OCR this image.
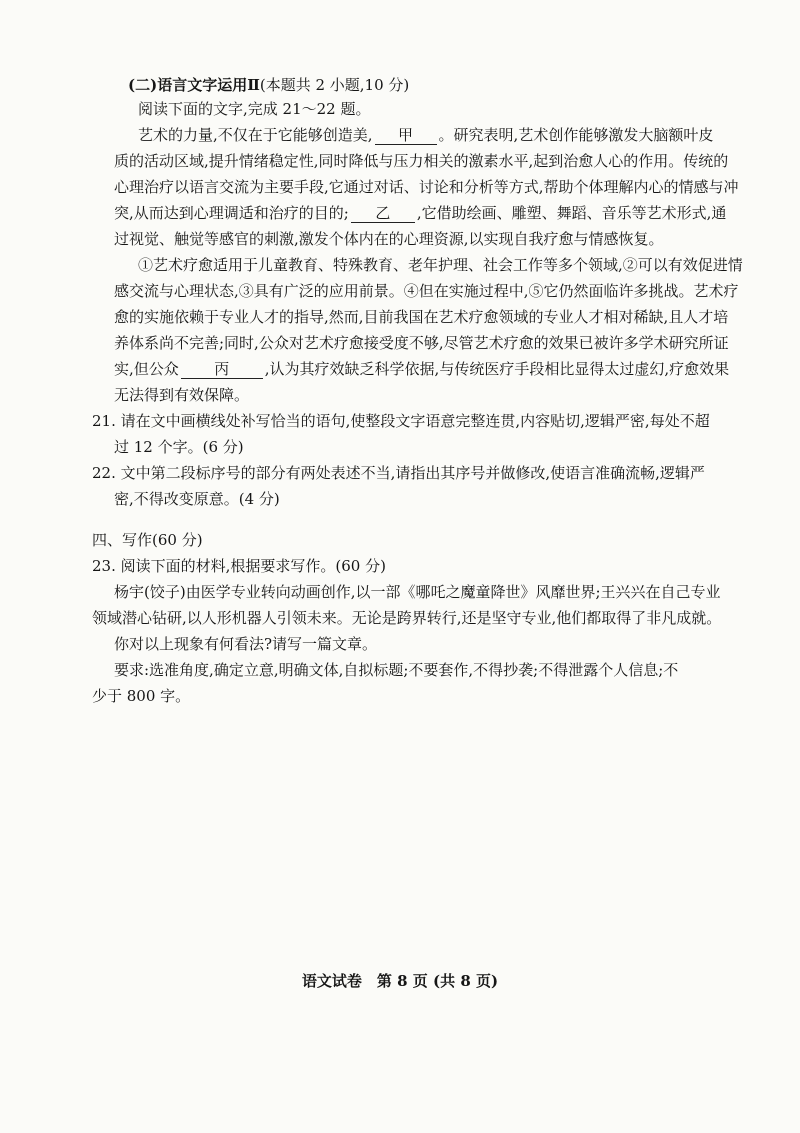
(二)语言文字运用Ⅱ(本题共 2 小题,10 分)
阅读下面的文字,完成 21～22 题。
艺术的力量,不仅在于它能够创造美, 甲 。研究表明,艺术创作能够激发大脑额叶皮
质的活动区域,提升情绪稳定性,同时降低与压力相关的激素水平,起到治愈人心的作用。传统的
心理治疗以语言交流为主要手段,它通过对话、讨论和分析等方式,帮助个体理解内心的情感与冲
突,从而达到心理调适和治疗的目的; 乙 ,它借助绘画、雕塑、舞蹈、音乐等艺术形式,通
过视觉、触觉等感官的刺激,激发个体内在的心理资源,以实现自我疗愈与情感恢复。
①艺术疗愈适用于儿童教育、特殊教育、老年护理、社会工作等多个领域,②可以有效促进情
感交流与心理状态,③具有广泛的应用前景。④但在实施过程中,⑤它仍然面临许多挑战。艺术疗
愈的实施依赖于专业人才的指导,然而,目前我国在艺术疗愈领域的专业人才相对稀缺,且人才培
养体系尚不完善;同时,公众对艺术疗愈接受度不够,尽管艺术疗愈的效果已被许多学术研究所证
实,但公众 丙 ,认为其疗效缺乏科学依据,与传统医疗手段相比显得太过虚幻,疗愈效果
无法得到有效保障。
21. 请在文中画横线处补写恰当的语句,使整段文字语意完整连贯,内容贴切,逻辑严密,每处不超
过 12 个字。(6 分)
22. 文中第二段标序号的部分有两处表述不当,请指出其序号并做修改,使语言准确流畅,逻辑严
密,不得改变原意。(4 分)
四、写作(60 分)
23. 阅读下面的材料,根据要求写作。(60 分)
杨宇(饺子)由医学专业转向动画创作,以一部《哪吒之魔童降世》风靡世界;王兴兴在自己专业
领域潜心钻研,以人形机器人引领未来。无论是跨界转行,还是坚守专业,他们都取得了非凡成就。
你对以上现象有何看法?请写一篇文章。
要求:选准角度,确定立意,明确文体,自拟标题;不要套作,不得抄袭;不得泄露个人信息;不
少于 800 字。
语文试卷　第 8 页 (共 8 页)
